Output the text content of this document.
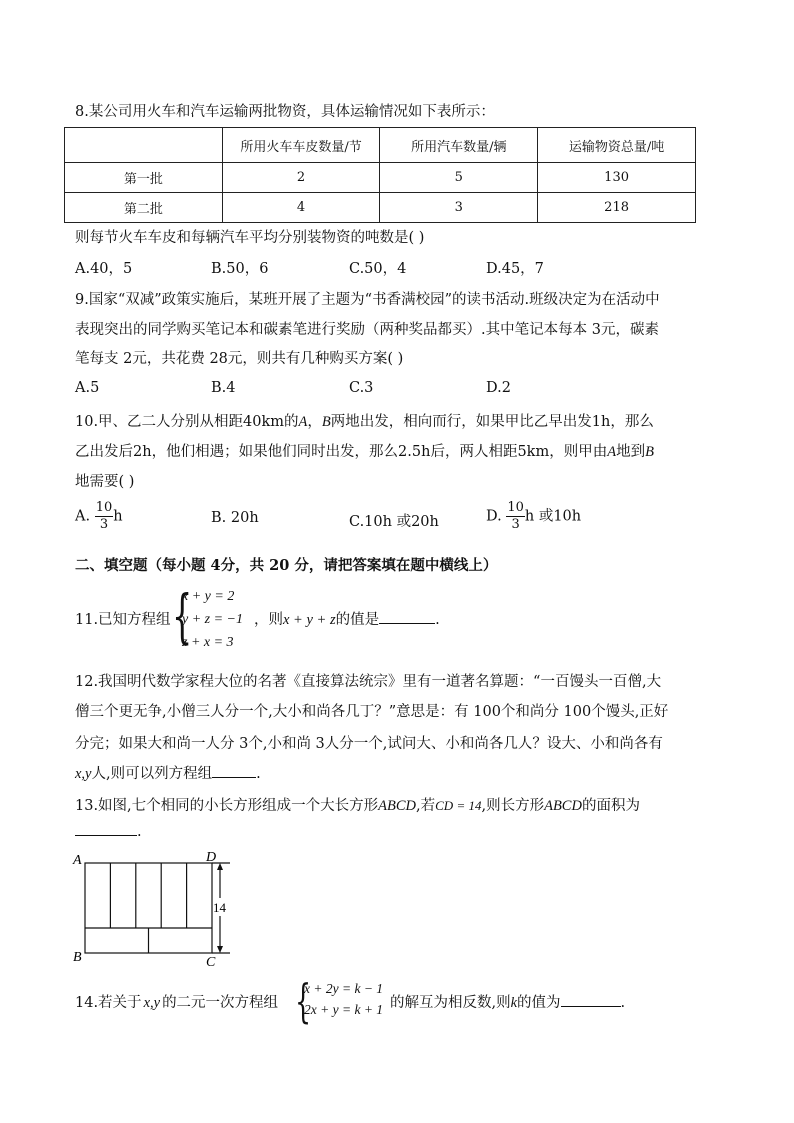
8.某公司用火车和汽车运输两批物资，具体运输情况如下表所示：
	所用火车车皮数量/节	所用汽车数量/辆	运输物资总量/吨
第一批	2	5	130
第二批	4	3	218
则每节火车车皮和每辆汽车平均分别装物资的吨数是( )
A.40，5	B.50，6	C.50，4	D.45，7
9.国家“双减”政策实施后，某班开展了主题为“书香满校园”的读书活动.班级决定为在活动中
表现突出的同学购买笔记本和碳素笔进行奖励（两种奖品都买）.其中笔记本每本 3元，碳素
笔每支 2元，共花费 28元，则共有几种购买方案( )
A.5	B.4	C.3	D.2
10.甲、乙二人分别从相距40km的A，B两地出发，相向而行，如果甲比乙早出发1h，那么
乙出发后2h，他们相遇；如果他们同时出发，那么2.5h后，两人相距5km，则甲由A地到B
地需要( )
A. $\frac{10}{3}$ h	B. 20h	C.10h 或20h	D. $\frac{10}{3}$ h 或10h
二、填空题（每小题 4分，共 20 分，请把答案填在题中横线上）
11.已知方程组 {
x + y = 2
y + z = −1
z + x = 3
，则x + y + z的值是	.
12.我国明代数学家程大位的名著《直接算法统宗》里有一道著名算题：“一百馒头一百僧,大
僧三个更无争,小僧三人分一个,大小和尚各几丁？”意思是：有 100个和尚分 100个馒头,正好
分完；如果大和尚一人分 3个,小和尚 3人分一个,试问大、小和尚各几人？设大、小和尚各有
x,y人,则可以列方程组	.
13.如图,七个相同的小长方形组成一个大长方形ABCD,若CD = 14,则长方形ABCD的面积为
.
A
B	C
D
14
14.若关于 x,y 的二元一次方程组 {
x + 2y = k − 1
2x + y = k + 1 的解互为相反数,则k的值为	.
